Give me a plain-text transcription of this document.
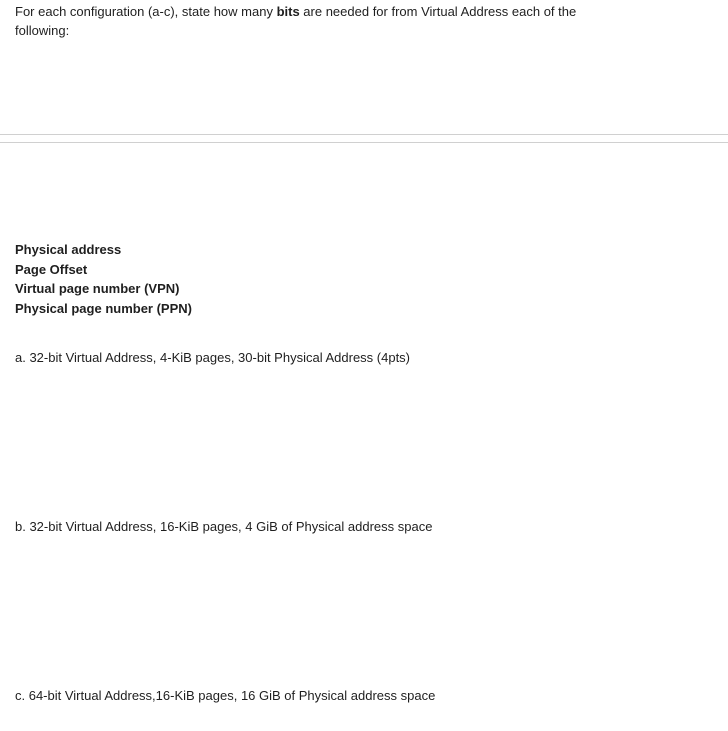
For each configuration (a-c), state how many bits are needed for from Virtual Address each of the following:

Physical address
Page Offset
Virtual page number (VPN)
Physical page number (PPN)

a. 32-bit Virtual Address, 4-KiB pages, 30-bit Physical Address (4pts)

b. 32-bit Virtual Address, 16-KiB pages, 4 GiB of Physical address space

c. 64-bit Virtual Address,16-KiB pages, 16 GiB of Physical address space
